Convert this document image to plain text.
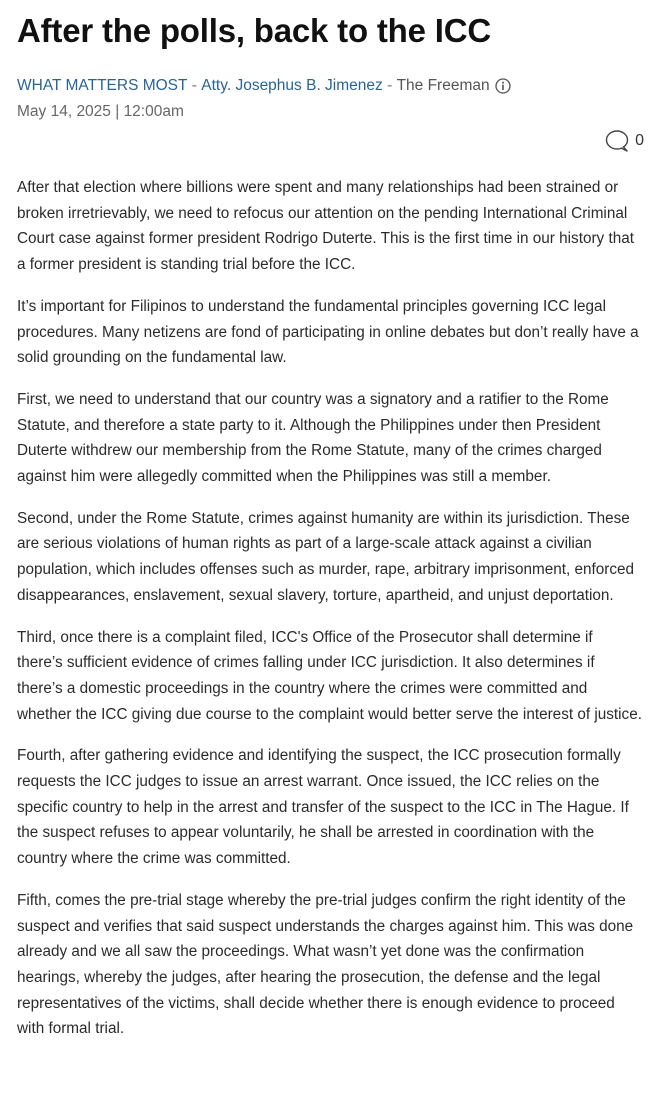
After the polls, back to the ICC
WHAT MATTERS MOST - Atty. Josephus B. Jimenez - The Freeman
May 14, 2025 | 12:00am
0

After that election where billions were spent and many relationships had been strained or broken irretrievably, we need to refocus our attention on the pending International Criminal Court case against former president Rodrigo Duterte. This is the first time in our history that a former president is standing trial before the ICC.

It’s important for Filipinos to understand the fundamental principles governing ICC legal procedures. Many netizens are fond of participating in online debates but don’t really have a solid grounding on the fundamental law.

First, we need to understand that our country was a signatory and a ratifier to the Rome Statute, and therefore a state party to it. Although the Philippines under then President Duterte withdrew our membership from the Rome Statute, many of the crimes charged against him were allegedly committed when the Philippines was still a member.

Second, under the Rome Statute, crimes against humanity are within its jurisdiction. These are serious violations of human rights as part of a large-scale attack against a civilian population, which includes offenses such as murder, rape, arbitrary imprisonment, enforced disappearances, enslavement, sexual slavery, torture, apartheid, and unjust deportation.

Third, once there is a complaint filed, ICC's Office of the Prosecutor shall determine if there’s sufficient evidence of crimes falling under ICC jurisdiction. It also determines if there’s a domestic proceedings in the country where the crimes were committed and whether the ICC giving due course to the complaint would better serve the interest of justice.

Fourth, after gathering evidence and identifying the suspect, the ICC prosecution formally requests the ICC judges to issue an arrest warrant. Once issued, the ICC relies on the specific country to help in the arrest and transfer of the suspect to the ICC in The Hague. If the suspect refuses to appear voluntarily, he shall be arrested in coordination with the country where the crime was committed.

Fifth, comes the pre-trial stage whereby the pre-trial judges confirm the right identity of the suspect and verifies that said suspect understands the charges against him. This was done already and we all saw the proceedings. What wasn’t yet done was the confirmation hearings, whereby the judges, after hearing the prosecution, the defense and the legal representatives of the victims, shall decide whether there is enough evidence to proceed with formal trial.
